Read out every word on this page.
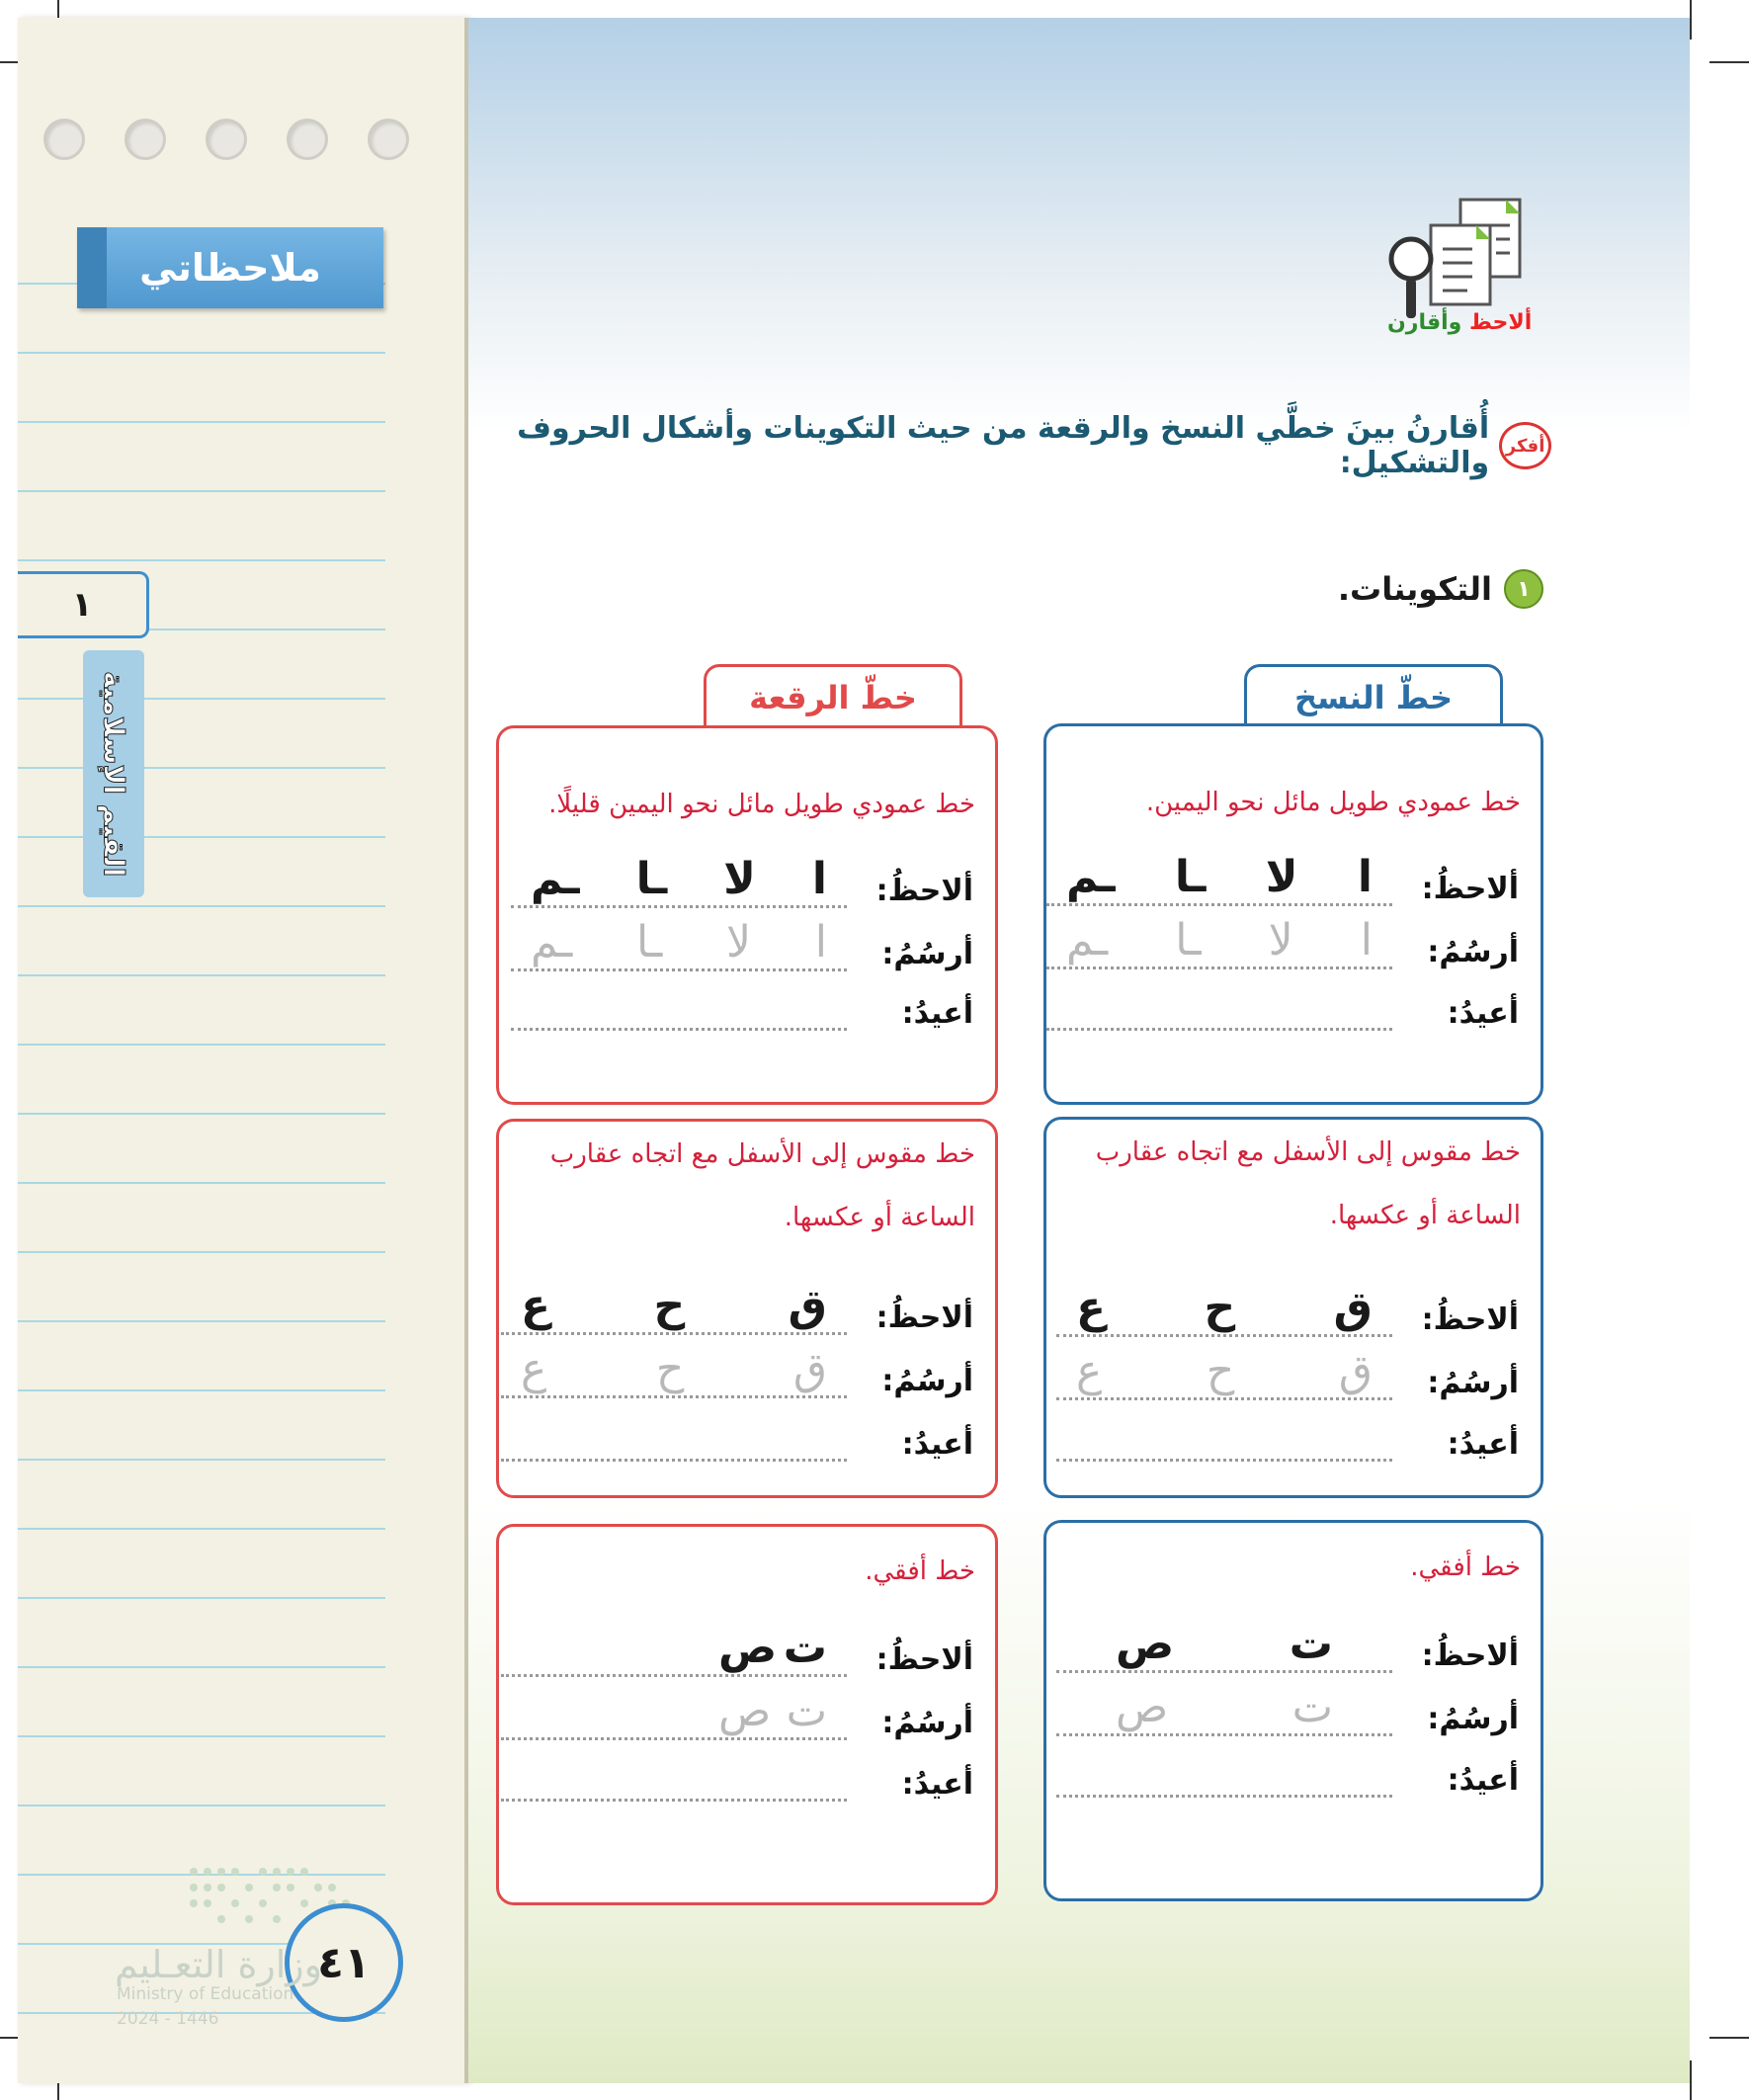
ملاحظاتي
١
القيم الإسلامية
٤١
وزارة التعـليم
Ministry of Education
2024 - 1446
ألاحظ وأقارن
أفكر
أُقارنُ بينَ خطَّي النسخ والرقعة من حيث التكوينات وأشكال الحروف والتشكيل:
١
التكوينات.
خطّ النسخ
خطّ الرقعة
خط عمودي طويل مائل نحو اليمين.
ألاحظُ:
ا
لا
ـا
ـم
أرسُمُ:
ا
لا
ـا
ـم
أعيدُ:
خط عمودي طويل مائل نحو اليمين قليلًا.
ألاحظُ:
ا
لا
ـا
ـم
أرسُمُ:
ا
لا
ـا
ـم
أعيدُ:
خط مقوس إلى الأسفل مع اتجاه عقارب
الساعة أو عكسها.
ألاحظُ:
ق
ح
ع
أرسُمُ:
ق
ح
ع
أعيدُ:
خط مقوس إلى الأسفل مع اتجاه عقارب
الساعة أو عكسها.
ألاحظُ:
ق
ح
ع
أرسُمُ:
ق
ح
ع
أعيدُ:
خط أفقي.
ألاحظُ:
ت
ص
أرسُمُ:
ت
ص
أعيدُ:
خط أفقي.
ألاحظُ:
ت
ص
أرسُمُ:
ت
ص
أعيدُ:
